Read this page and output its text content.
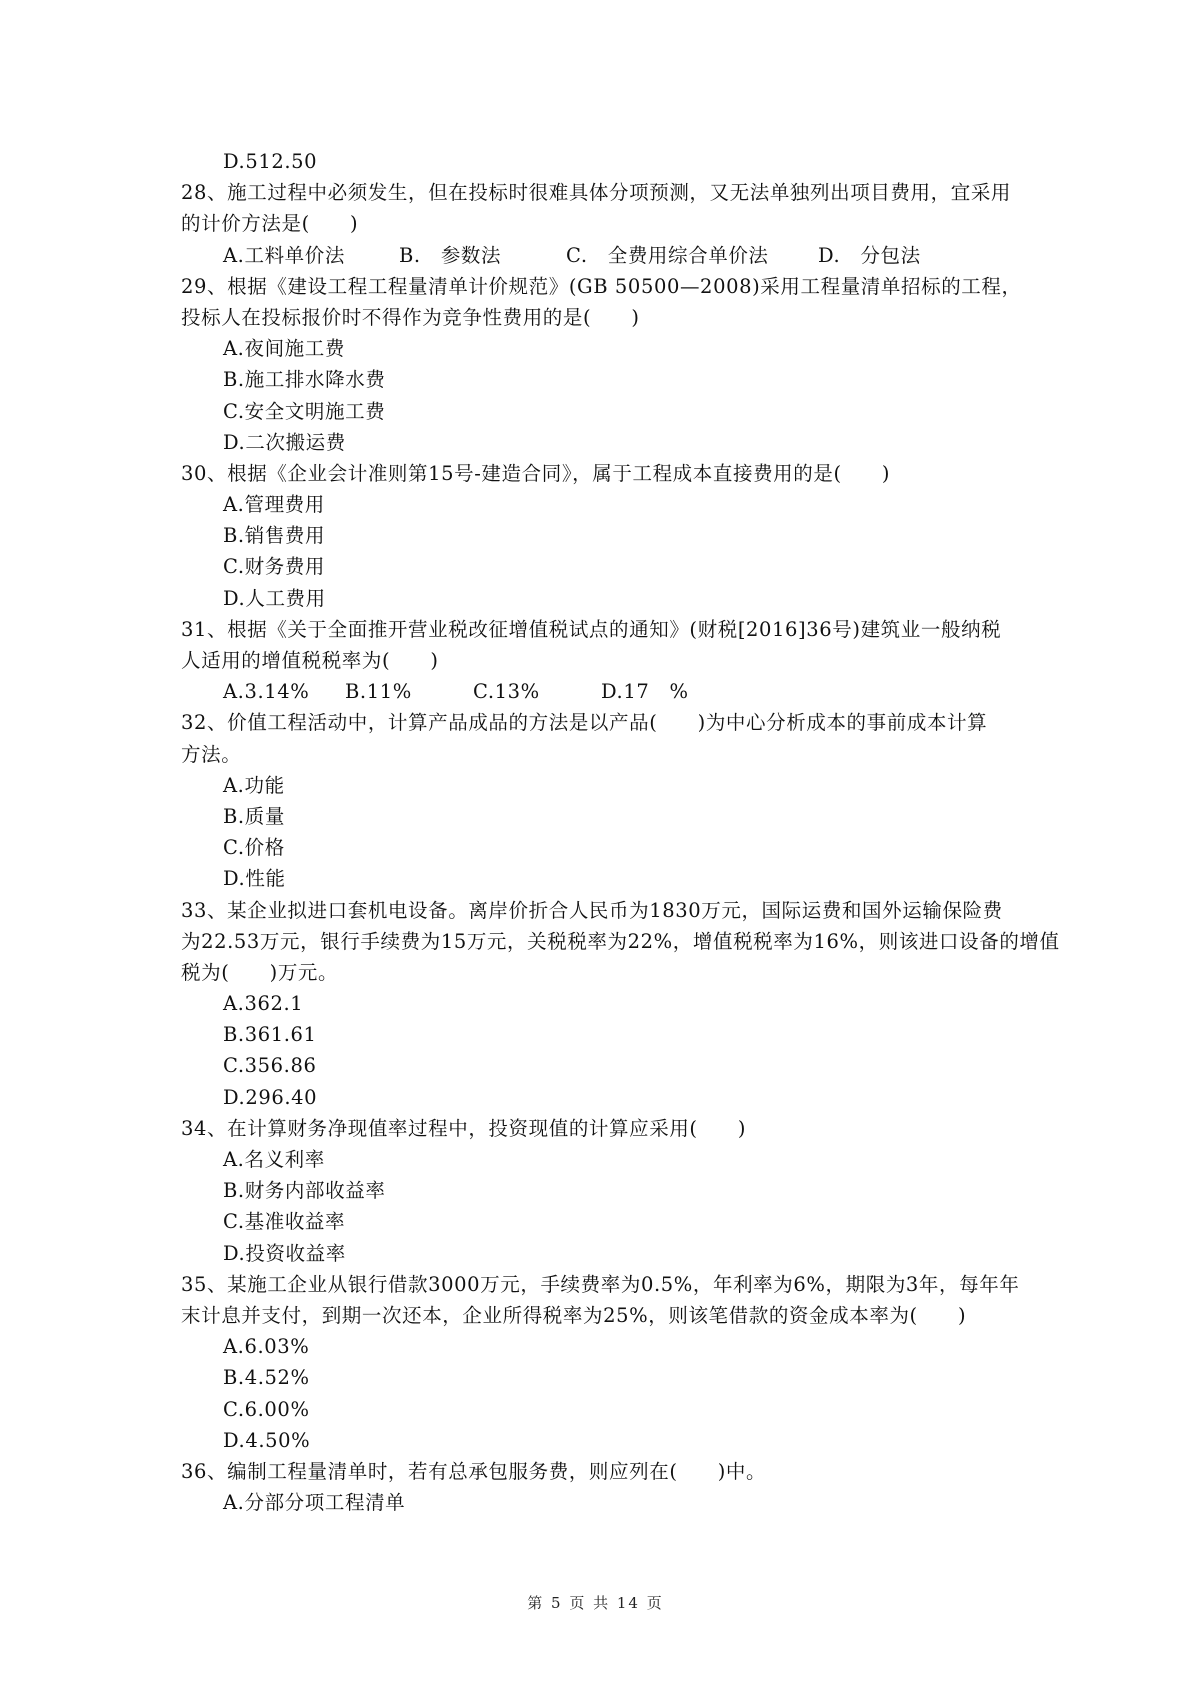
D.512.50
28、施工过程中必须发生，但在投标时很难具体分项预测，又无法单独列出项目费用，宜采用
的计价方法是(　　)
A.工料单价法	B.　参数法	C.　全费用综合单价法	D.　分包法
29、根据《建设工程工程量清单计价规范》(GB 50500—2008)采用工程量清单招标的工程，
投标人在投标报价时不得作为竞争性费用的是(　　)
A.夜间施工费
B.施工排水降水费
C.安全文明施工费
D.二次搬运费
30、根据《企业会计准则第15号-建造合同》，属于工程成本直接费用的是(　　)
A.管理费用
B.销售费用
C.财务费用
D.人工费用
31、根据《关于全面推开营业税改征增值税试点的通知》(财税[2016]36号)建筑业一般纳税
人适用的增值税税率为(　　)
A.3.14%	B.11%	C.13%	D.17　%
32、价值工程活动中，计算产品成品的方法是以产品(　　)为中心分析成本的事前成本计算
方法。
A.功能
B.质量
C.价格
D.性能
33、某企业拟进口套机电设备。离岸价折合人民币为1830万元，国际运费和国外运输保险费
为22.53万元，银行手续费为15万元，关税税率为22%，增值税税率为16%，则该进口设备的增值
税为(　　)万元。
A.362.1
B.361.61
C.356.86
D.296.40
34、在计算财务净现值率过程中，投资现值的计算应采用(　　)
A.名义利率
B.财务内部收益率
C.基准收益率
D.投资收益率
35、某施工企业从银行借款3000万元，手续费率为0.5%，年利率为6%，期限为3年，每年年
末计息并支付，到期一次还本，企业所得税率为25%，则该笔借款的资金成本率为(　　)
A.6.03%
B.4.52%
C.6.00%
D.4.50%
36、编制工程量清单时，若有总承包服务费，则应列在(　　)中。
A.分部分项工程清单
第 5 页 共 14 页
